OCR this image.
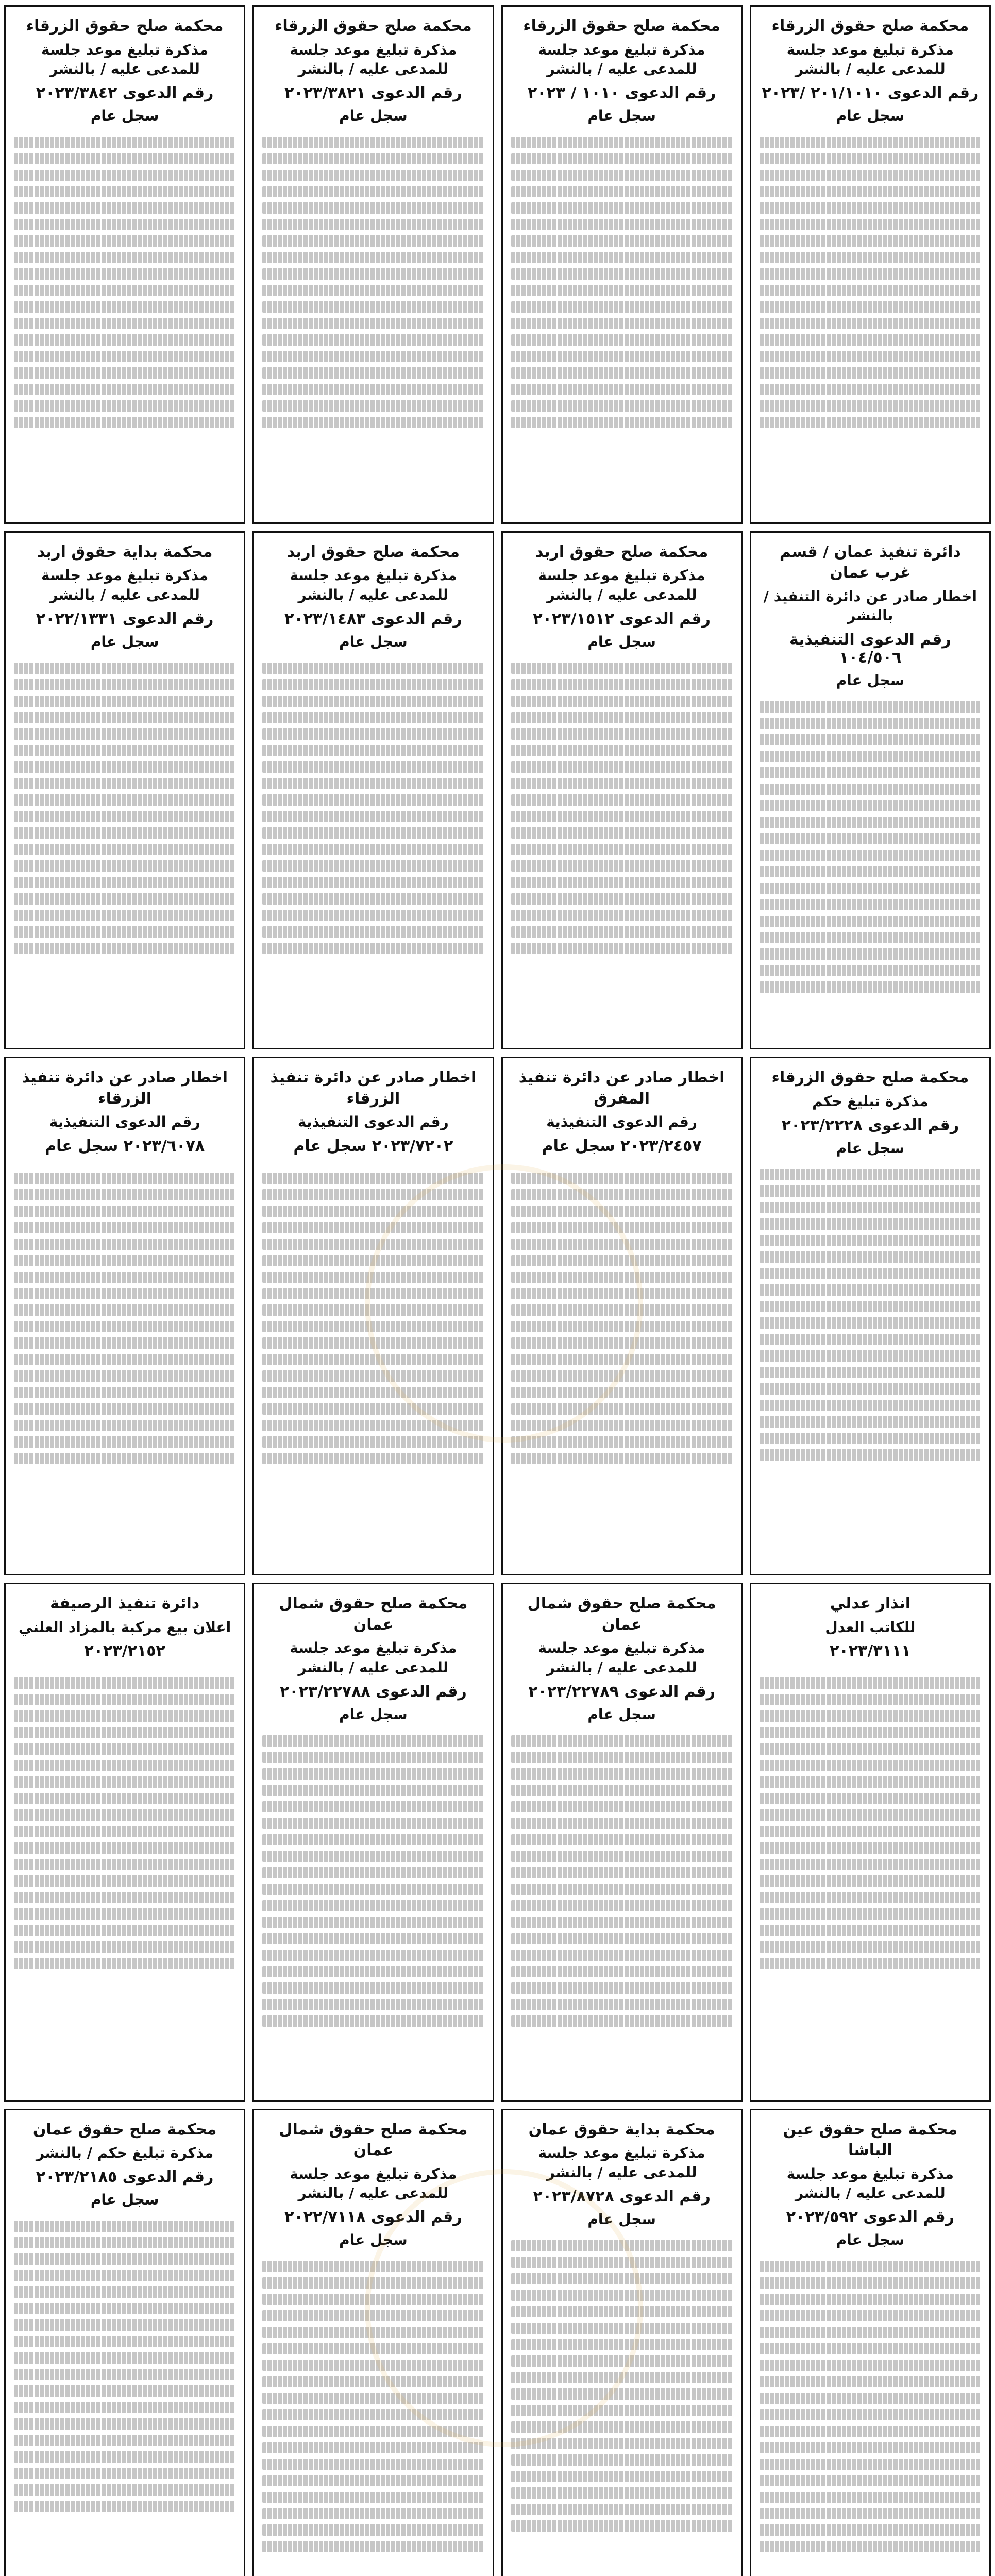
محكمة صلح حقوق الزرقاء
مذكرة تبليغ موعد جلسة للمدعى عليه / بالنشر
رقم الدعوى ٢٠١/١٠١٠ /٢٠٢٣
سجل عام
محكمة صلح حقوق الزرقاء
مذكرة تبليغ موعد جلسة للمدعى عليه / بالنشر
رقم الدعوى ١٠١٠ / ٢٠٢٣
سجل عام
محكمة صلح حقوق الزرقاء
مذكرة تبليغ موعد جلسة للمدعى عليه / بالنشر
رقم الدعوى ٢٠٢٣/٣٨٢١
سجل عام
محكمة صلح حقوق الزرقاء
مذكرة تبليغ موعد جلسة للمدعى عليه / بالنشر
رقم الدعوى ٢٠٢٣/٣٨٤٢
سجل عام
دائرة تنفيذ عمان / قسم غرب عمان
اخطار صادر عن دائرة التنفيذ / بالنشر
رقم الدعوى التنفيذية ١٠٤/٥٠٦
سجل عام
محكمة صلح حقوق اربد
مذكرة تبليغ موعد جلسة للمدعى عليه / بالنشر
رقم الدعوى ٢٠٢٣/١٥١٢
سجل عام
محكمة صلح حقوق اربد
مذكرة تبليغ موعد جلسة للمدعى عليه / بالنشر
رقم الدعوى ٢٠٢٣/١٤٨٣
سجل عام
محكمة بداية حقوق اربد
مذكرة تبليغ موعد جلسة للمدعى عليه / بالنشر
رقم الدعوى ٢٠٢٢/١٣٣١
سجل عام
محكمة صلح حقوق الزرقاء
مذكرة تبليغ حكم
رقم الدعوى ٢٠٢٣/٢٢٢٨
سجل عام
اخطار صادر عن دائرة تنفيذ المفرق
رقم الدعوى التنفيذية
٢٠٢٣/٢٤٥٧ سجل عام
اخطار صادر عن دائرة تنفيذ الزرقاء
رقم الدعوى التنفيذية
٢٠٢٣/٧٢٠٢ سجل عام
اخطار صادر عن دائرة تنفيذ الزرقاء
رقم الدعوى التنفيذية
٢٠٢٣/٦٠٧٨ سجل عام
انذار عدلي
للكاتب العدل
٢٠٢٣/٣١١١
محكمة صلح حقوق شمال عمان
مذكرة تبليغ موعد جلسة للمدعى عليه / بالنشر
رقم الدعوى ٢٠٢٣/٢٢٧٨٩
سجل عام
محكمة صلح حقوق شمال عمان
مذكرة تبليغ موعد جلسة للمدعى عليه / بالنشر
رقم الدعوى ٢٠٢٣/٢٢٧٨٨
سجل عام
دائرة تنفيذ الرصيفة
اعلان بيع مركبة بالمزاد العلني
٢٠٢٣/٢١٥٢
محكمة صلح حقوق عين الباشا
مذكرة تبليغ موعد جلسة للمدعى عليه / بالنشر
رقم الدعوى ٢٠٢٣/٥٩٢
سجل عام
محكمة بداية حقوق عمان
مذكرة تبليغ موعد جلسة للمدعى عليه / بالنشر
رقم الدعوى ٢٠٢٣/٨٧٢٨
سجل عام
محكمة صلح حقوق شمال عمان
مذكرة تبليغ موعد جلسة للمدعى عليه / بالنشر
رقم الدعوى ٢٠٢٢/٧١١٨
سجل عام
محكمة صلح حقوق عمان
مذكرة تبليغ حكم / بالنشر
رقم الدعوى ٢٠٢٣/٢١٨٥
سجل عام
